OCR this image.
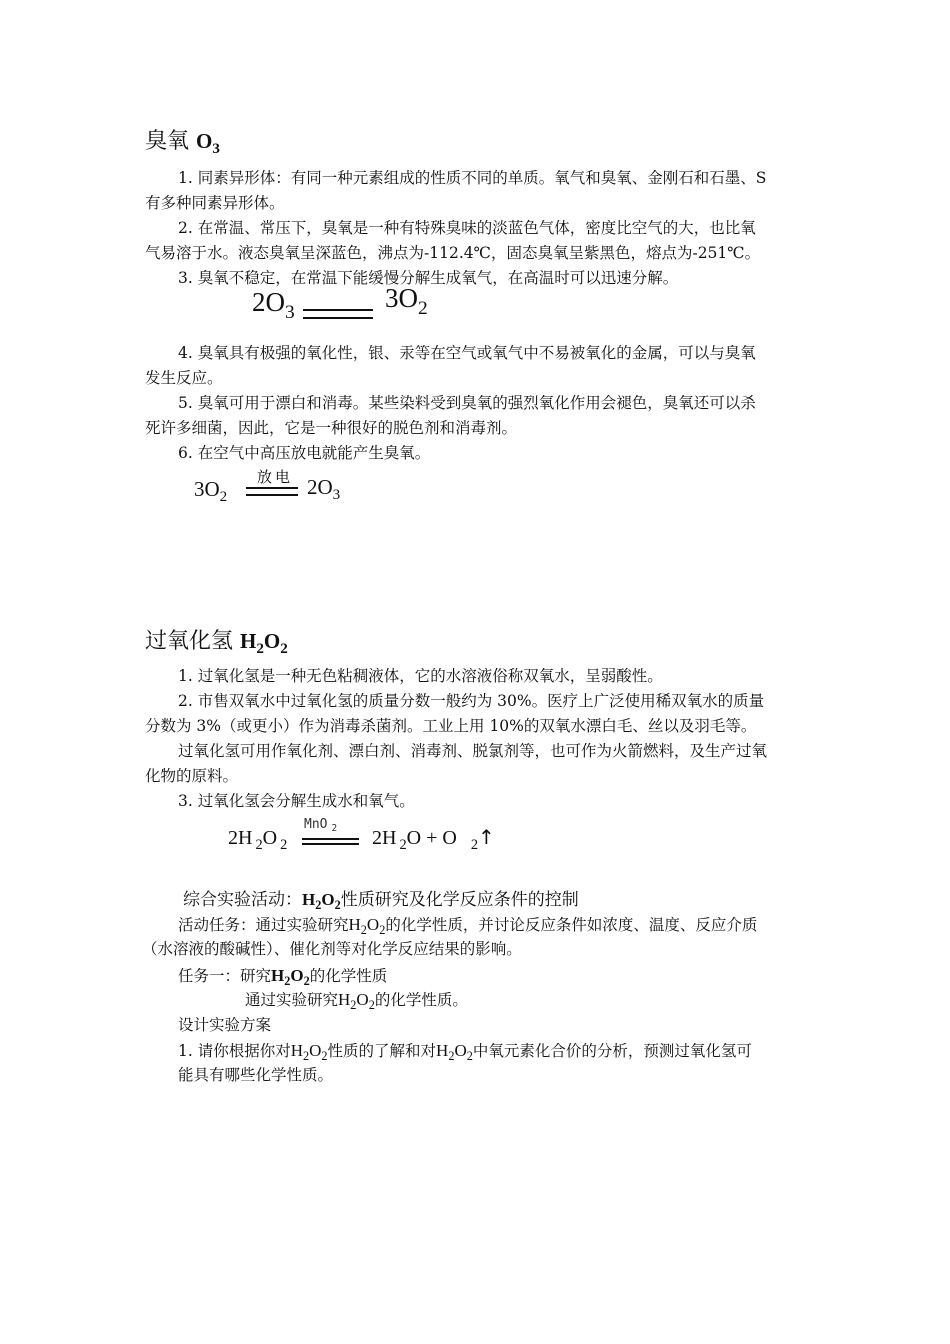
臭氧 $O_3$
1. 同素异形体：有同一种元素组成的性质不同的单质。氧气和臭氧、金刚石和石墨、S
有多种同素异形体。
2. 在常温、常压下，臭氧是一种有特殊臭味的淡蓝色气体，密度比空气的大，也比氧
气易溶于水。液态臭氧呈深蓝色，沸点为-112.4℃，固态臭氧呈紫黑色，熔点为-251℃。
3. 臭氧不稳定，在常温下能缓慢分解生成氧气，在高温时可以迅速分解。
$2O_3$	$3O_2$
4. 臭氧具有极强的氧化性，银、汞等在空气或氧气中不易被氧化的金属，可以与臭氧
发生反应。
5. 臭氧可用于漂白和消毒。某些染料受到臭氧的强烈氧化作用会褪色，臭氧还可以杀
死许多细菌，因此，它是一种很好的脱色剂和消毒剂。
6. 在空气中高压放电就能产生臭氧。
$3O_2$
放电 $2O_3$
过氧化氢 $H_2O_2$
1. 过氧化氢是一种无色粘稠液体，它的水溶液俗称双氧水，呈弱酸性。
2. 市售双氧水中过氧化氢的质量分数一般约为 30%。医疗上广泛使用稀双氧水的质量
分数为 3%（或更小）作为消毒杀菌剂。工业上用 10%的双氧水漂白毛、丝以及羽毛等。
过氧化氢可用作氧化剂、漂白剂、消毒剂、脱氯剂等，也可作为火箭燃料，及生产过氧
化物的原料。
3. 过氧化氢会分解生成水和氧气。
2H $_2$O $_2$
MnO $_2$ 2H $_2$O + O $_2$↑
综合实验活动：$H_2O_2$性质研究及化学反应条件的控制
活动任务：通过实验研究$H_2O_2$的化学性质，并讨论反应条件如浓度、温度、反应介质
（水溶液的酸碱性）、催化剂等对化学反应结果的影响。
任务一：研究$H_2O_2$的化学性质
通过实验研究$H_2O_2$的化学性质。
设计实验方案
1. 请你根据你对$H_2O_2$性质的了解和对$H_2O_2$中氧元素化合价的分析，预测过氧化氢可
能具有哪些化学性质。
